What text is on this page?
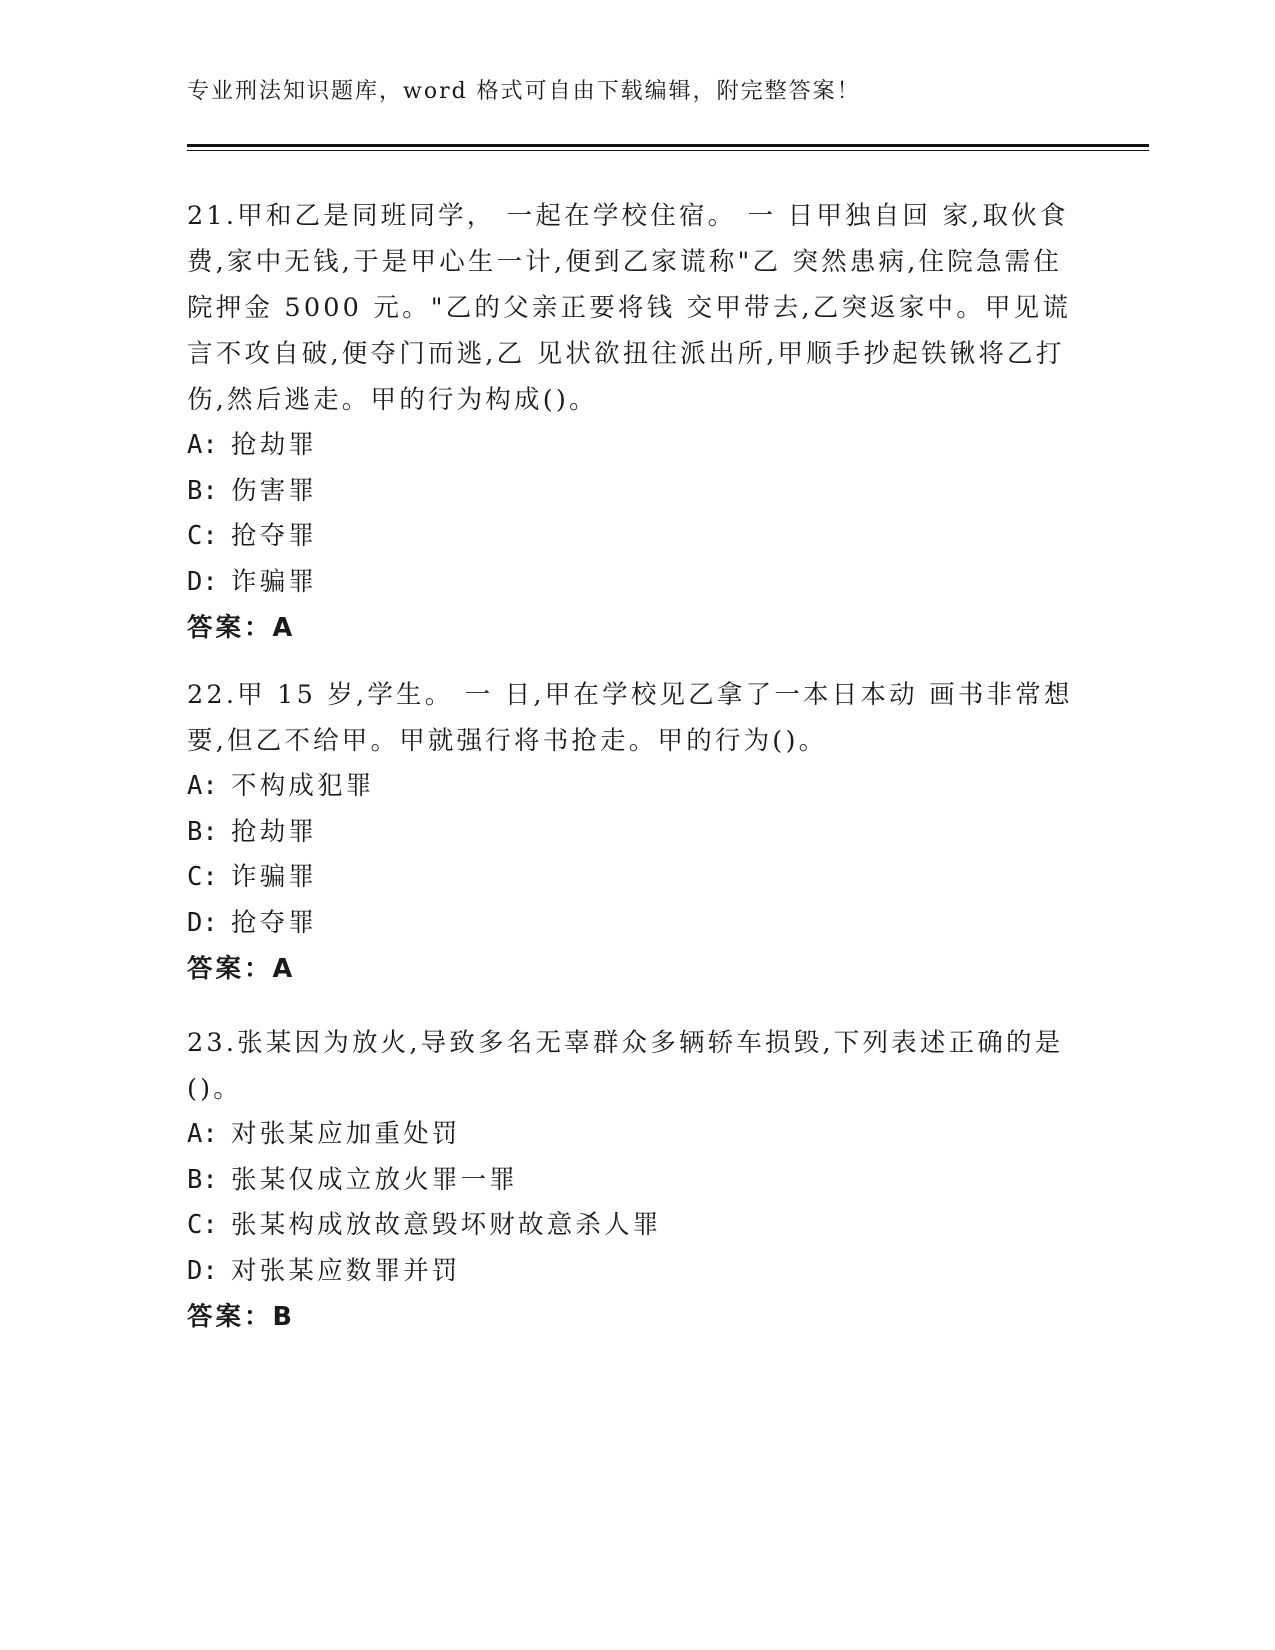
专业刑法知识题库，word 格式可自由下载编辑，附完整答案！

21.甲和乙是同班同学， 一起在学校住宿。 一 日甲独自回 家,取伙食费,家中无钱,于是甲心生一计,便到乙家谎称"乙 突然患病,住院急需住院押金 5000 元。"乙的父亲正要将钱 交甲带去,乙突返家中。甲见谎言不攻自破,便夺门而逃,乙 见状欲扭往派出所,甲顺手抄起铁锹将乙打伤,然后逃走。甲的行为构成()。

A: 抢劫罪

B: 伤害罪

C: 抢夺罪

D: 诈骗罪

答案：A

22.甲 15 岁,学生。 一 日,甲在学校见乙拿了一本日本动 画书非常想要,但乙不给甲。甲就强行将书抢走。甲的行为()。

A: 不构成犯罪

B: 抢劫罪

C: 诈骗罪

D: 抢夺罪

答案：A

23.张某因为放火,导致多名无辜群众多辆轿车损毁,下列表述正确的是()。

A: 对张某应加重处罚

B: 张某仅成立放火罪一罪

C: 张某构成放故意毁坏财故意杀人罪

D: 对张某应数罪并罚

答案：B
